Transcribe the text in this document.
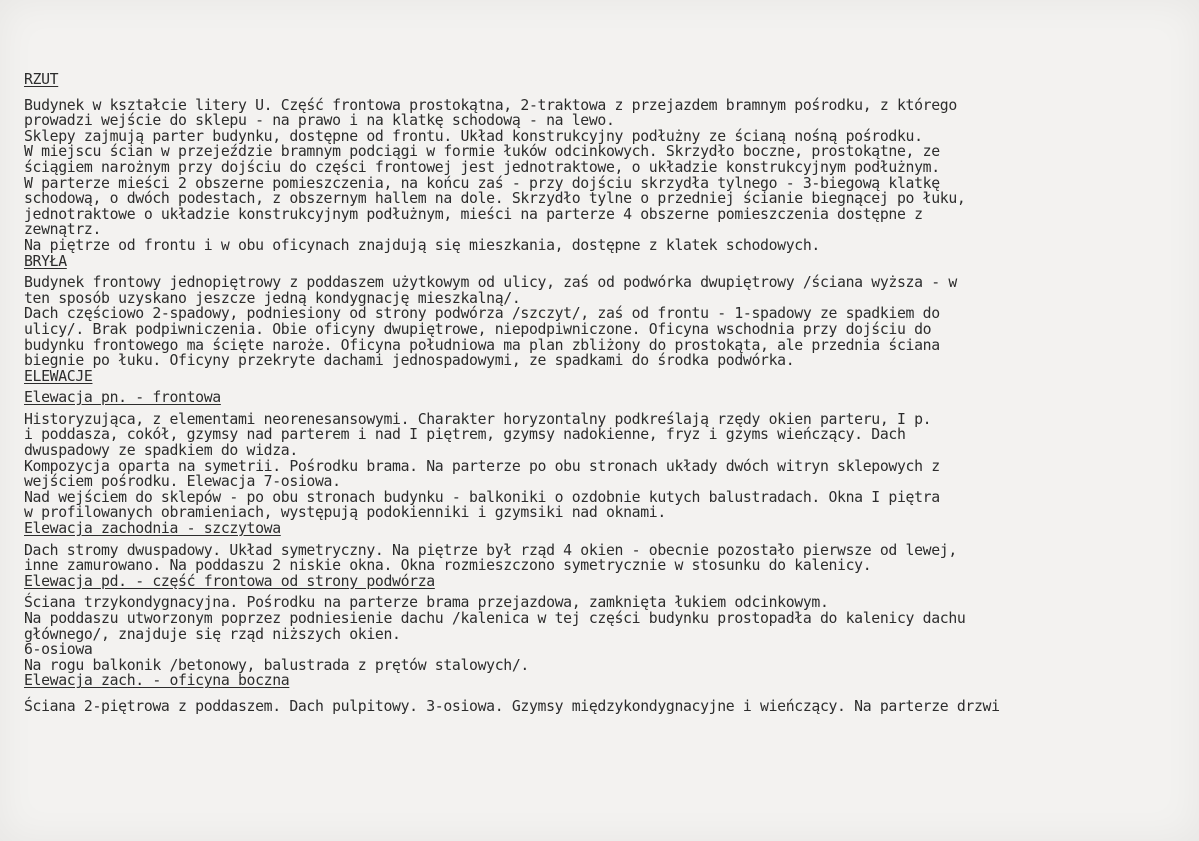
RZUT
Budynek w kształcie litery U. Część frontowa prostokątna, 2-traktowa z przejazdem bramnym pośrodku, z którego
prowadzi wejście do sklepu - na prawo i na klatkę schodową - na lewo.
Sklepy zajmują parter budynku, dostępne od frontu. Układ konstrukcyjny podłużny ze ścianą nośną pośrodku.
W miejscu ścian w przejeździe bramnym podciągi w formie łuków odcinkowych. Skrzydło boczne, prostokątne, ze
ściągiem narożnym przy dojściu do części frontowej jest jednotraktowe, o układzie konstrukcyjnym podłużnym.
W parterze mieści 2 obszerne pomieszczenia, na końcu zaś - przy dojściu skrzydła tylnego - 3-biegową klatkę
schodową, o dwóch podestach, z obszernym hallem na dole. Skrzydło tylne o przedniej ścianie biegnącej po łuku,
jednotraktowe o układzie konstrukcyjnym podłużnym, mieści na parterze 4 obszerne pomieszczenia dostępne z
zewnątrz.
Na piętrze od frontu i w obu oficynach znajdują się mieszkania, dostępne z klatek schodowych.
BRYŁA
Budynek frontowy jednopiętrowy z poddaszem użytkowym od ulicy, zaś od podwórka dwupiętrowy /ściana wyższa - w
ten sposób uzyskano jeszcze jedną kondygnację mieszkalną/.
Dach częściowo 2-spadowy, podniesiony od strony podwórza /szczyt/, zaś od frontu - 1-spadowy ze spadkiem do
ulicy/. Brak podpiwniczenia. Obie oficyny dwupiętrowe, niepodpiwniczone. Oficyna wschodnia przy dojściu do
budynku frontowego ma ścięte naroże. Oficyna południowa ma plan zbliżony do prostokąta, ale przednia ściana
biegnie po łuku. Oficyny przekryte dachami jednospadowymi, ze spadkami do środka podwórka.
ELEWACJE
Elewacja pn. - frontowa
Historyzująca, z elementami neorenesansowymi. Charakter horyzontalny podkreślają rzędy okien parteru, I p.
i poddasza, cokół, gzymsy nad parterem i nad I piętrem, gzymsy nadokienne, fryz i gzyms wieńczący. Dach
dwuspadowy ze spadkiem do widza.
Kompozycja oparta na symetrii. Pośrodku brama. Na parterze po obu stronach układy dwóch witryn sklepowych z
wejściem pośrodku. Elewacja 7-osiowa.
Nad wejściem do sklepów - po obu stronach budynku - balkoniki o ozdobnie kutych balustradach. Okna I piętra
w profilowanych obramieniach, występują podokienniki i gzymsiki nad oknami.
Elewacja zachodnia - szczytowa
Dach stromy dwuspadowy. Układ symetryczny. Na piętrze był rząd 4 okien - obecnie pozostało pierwsze od lewej,
inne zamurowano. Na poddaszu 2 niskie okna. Okna rozmieszczono symetrycznie w stosunku do kalenicy.
Elewacja pd. - część frontowa od strony podwórza
Ściana trzykondygnacyjna. Pośrodku na parterze brama przejazdowa, zamknięta łukiem odcinkowym.
Na poddaszu utworzonym poprzez podniesienie dachu /kalenica w tej części budynku prostopadła do kalenicy dachu
głównego/, znajduje się rząd niższych okien.
6-osiowa
Na rogu balkonik /betonowy, balustrada z prętów stalowych/.
Elewacja zach. - oficyna boczna
Ściana 2-piętrowa z poddaszem. Dach pulpitowy. 3-osiowa. Gzymsy międzykondygnacyjne i wieńczący. Na parterze drzwi
